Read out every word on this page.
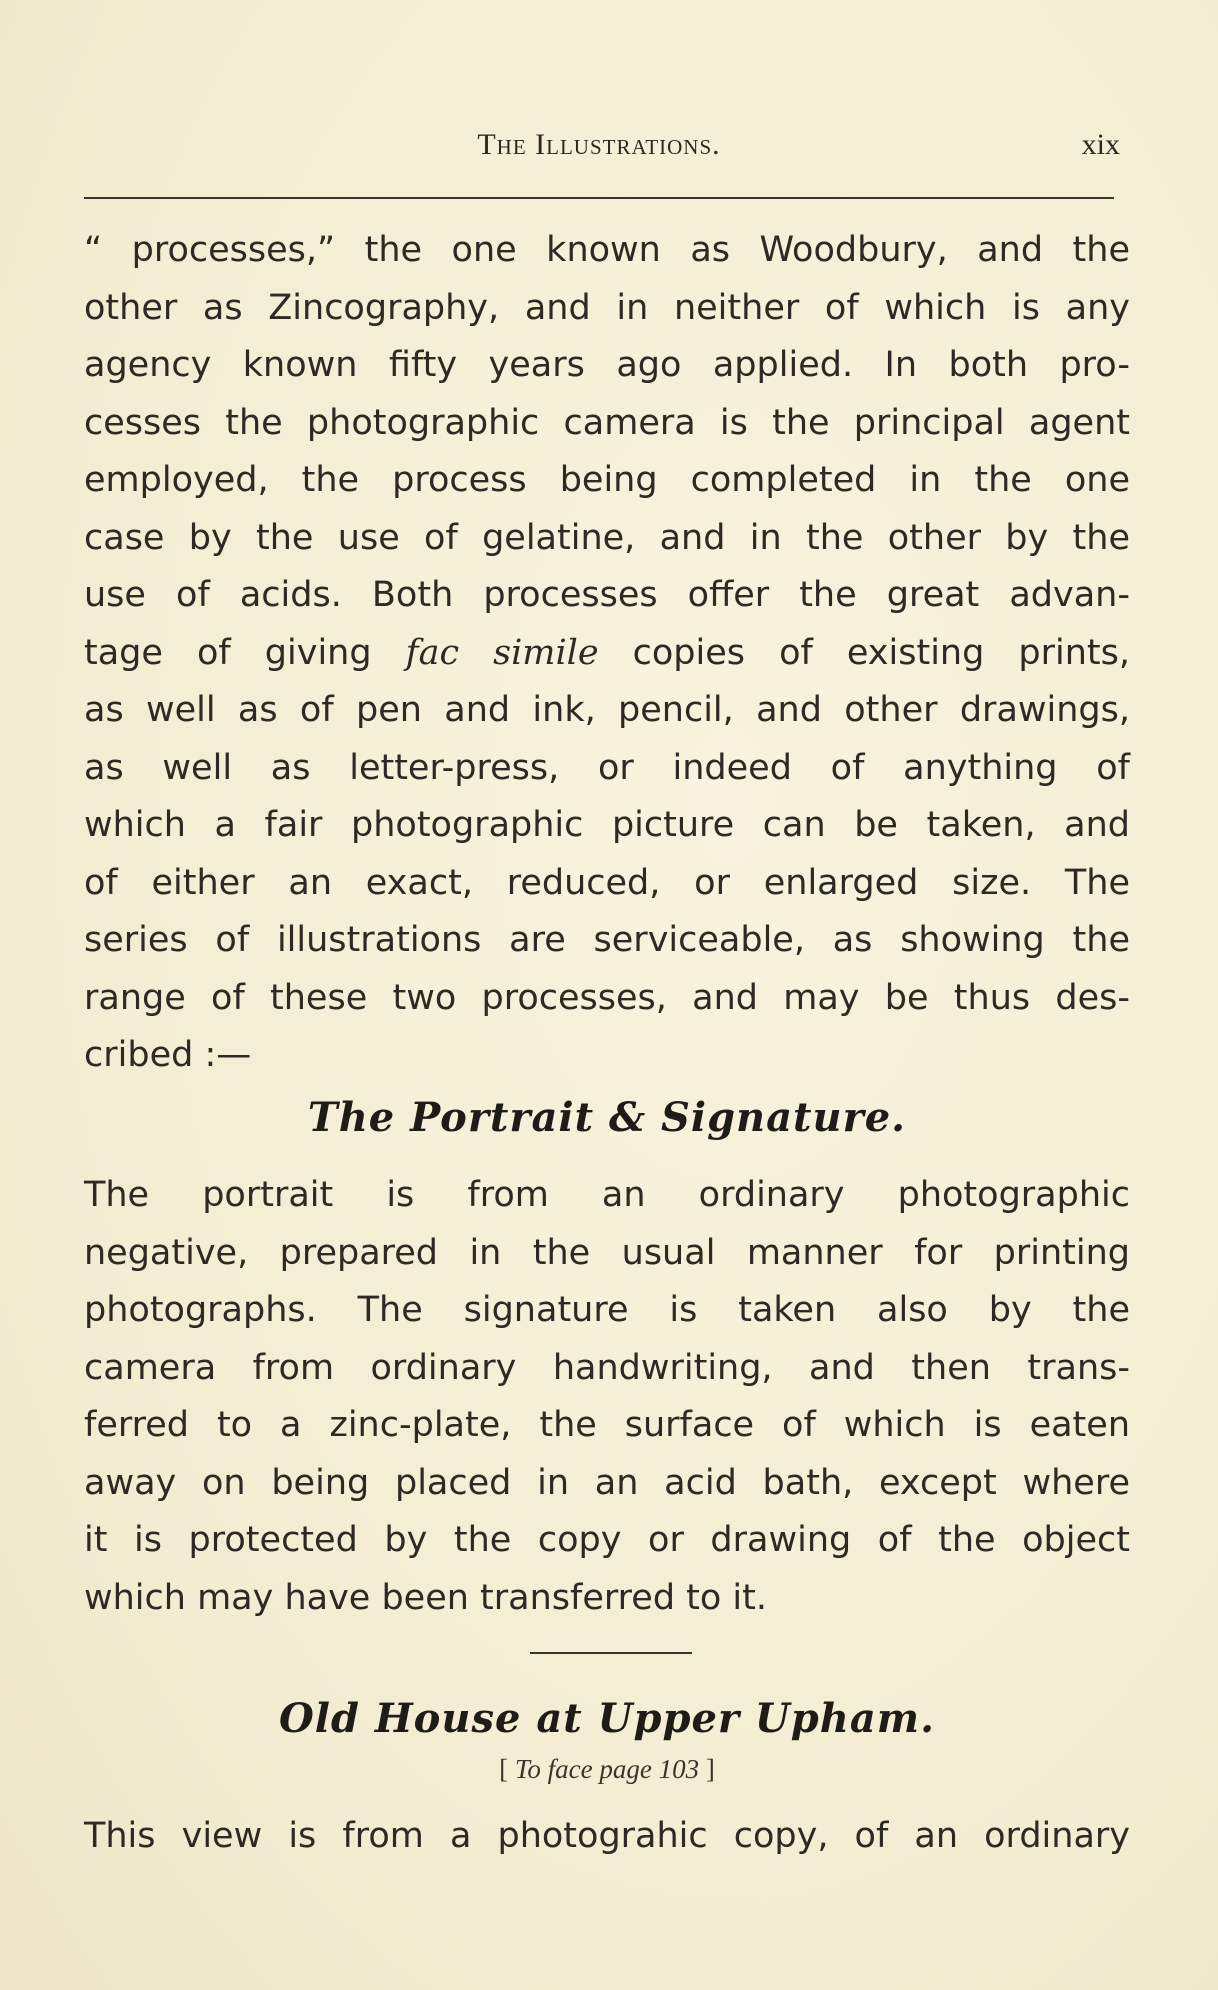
The Illustrations.	xix
“ processes,” the one known as Woodbury, and the
other as Zincography, and in neither of which is any
agency known fifty years ago applied. In both pro-
cesses the photographic camera is the principal agent
employed, the process being completed in the one
case by the use of gelatine, and in the other by the
use of acids. Both processes offer the great advan-
tage of giving fac simile copies of existing prints,
as well as of pen and ink, pencil, and other drawings,
as well as letter-press, or indeed of anything of
which a fair photographic picture can be taken, and
of either an exact, reduced, or enlarged size. The
series of illustrations are serviceable, as showing the
range of these two processes, and may be thus des-
cribed :—
The Portrait & Signature.
The portrait is from an ordinary photographic
negative, prepared in the usual manner for printing
photographs. The signature is taken also by the
camera from ordinary handwriting, and then trans-
ferred to a zinc-plate, the surface of which is eaten
away on being placed in an acid bath, except where
it is protected by the copy or drawing of the object
which may have been transferred to it.
Old House at Upper Upham.
[ To face page 103 ]
This view is from a photograhic copy, of an ordinary
